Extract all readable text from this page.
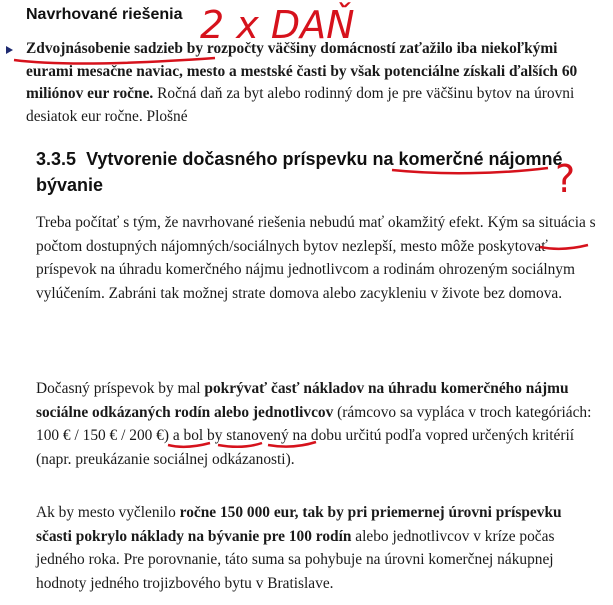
Navrhované riešenia
Zdvojnásobenie sadzieb by rozpočty väčšiny domácností zaťažilo iba niekoľkými eurami mesačne naviac, mesto a mestské časti by však potenciálne získali ďalších 60 miliónov eur ročne. Ročná daň za byt alebo rodinný dom je pre väčšinu bytov na úrovni desiatok eur ročne. Plošné
3.3.5 Vytvorenie dočasného príspevku na komerčné nájomné bývanie
Treba počítať s tým, že navrhované riešenia nebudú mať okamžitý efekt. Kým sa situácia s počtom dostupných nájomných/sociálnych bytov nezlepší, mesto môže poskytovať príspevok na úhradu komerčného nájmu jednotlivcom a rodinám ohrozeným sociálnym vylúčením. Zabráni tak možnej strate domova alebo zacykleniu v živote bez domova.
Dočasný príspevok by mal pokrývať časť nákladov na úhradu komerčného nájmu sociálne odkázaných rodín alebo jednotlivcov (rámcovo sa vypláca v troch kategóriách: 100 € / 150 € / 200 €) a bol by stanovený na dobu určitú podľa vopred určených kritérií (napr. preukázanie sociálnej odkázanosti).
Ak by mesto vyčlenilo ročne 150 000 eur, tak by pri priemernej úrovni príspevku sčasti pokrylo náklady na bývanie pre 100 rodín alebo jednotlivcov v kríze počas jedného roka. Pre porovnanie, táto suma sa pohybuje na úrovni komerčnej nákupnej hodnoty jedného trojizbového bytu v Bratislave.
2 x DAŇ
?
